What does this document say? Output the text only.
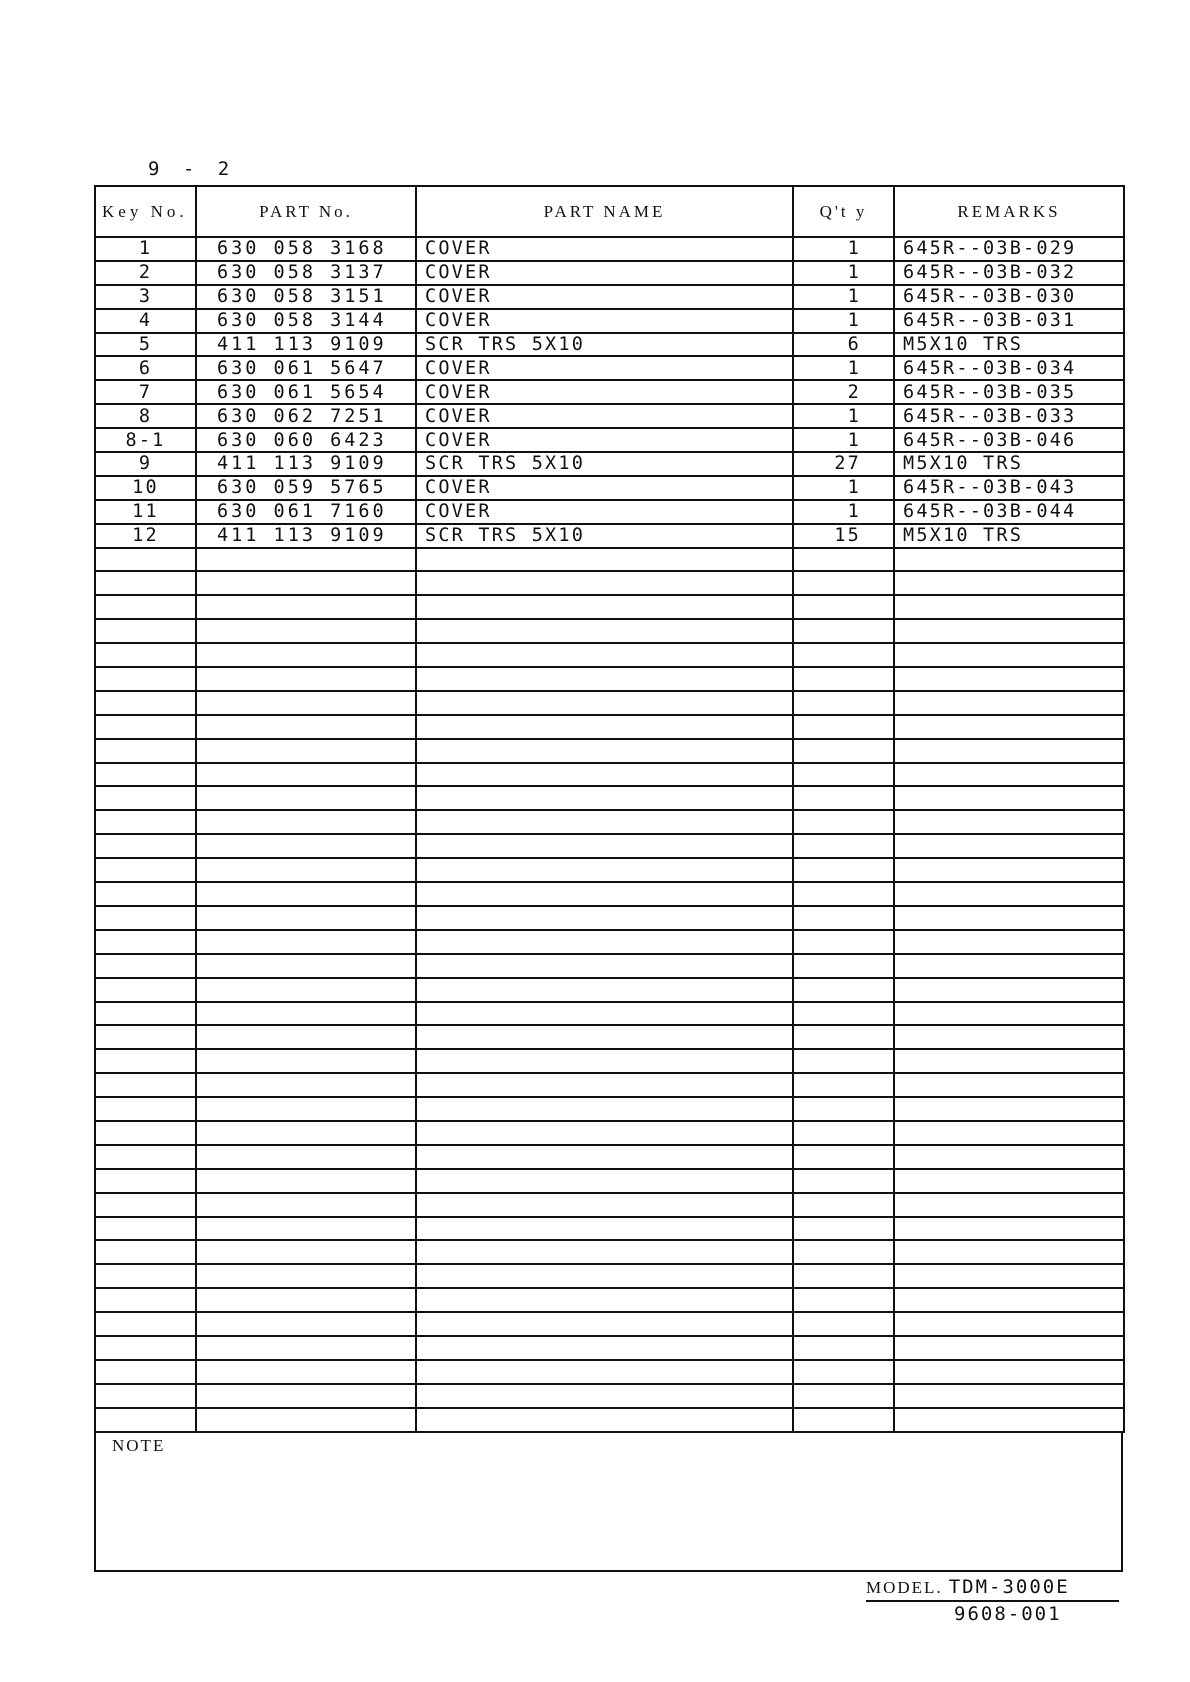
9 - 2
Key No.	PART No.	PART NAME	Q't y	REMARKS
1	630 058 3168	COVER	1	645R--03B-029
2	630 058 3137	COVER	1	645R--03B-032
3	630 058 3151	COVER	1	645R--03B-030
4	630 058 3144	COVER	1	645R--03B-031
5	411 113 9109	SCR TRS 5X10	6	M5X10 TRS
6	630 061 5647	COVER	1	645R--03B-034
7	630 061 5654	COVER	2	645R--03B-035
8	630 062 7251	COVER	1	645R--03B-033
8-1	630 060 6423	COVER	1	645R--03B-046
9	411 113 9109	SCR TRS 5X10	27	M5X10 TRS
10	630 059 5765	COVER	1	645R--03B-043
11	630 061 7160	COVER	1	645R--03B-044
12	411 113 9109	SCR TRS 5X10	15	M5X10 TRS

NOTE
MODEL. TDM-3000E
9608-001
